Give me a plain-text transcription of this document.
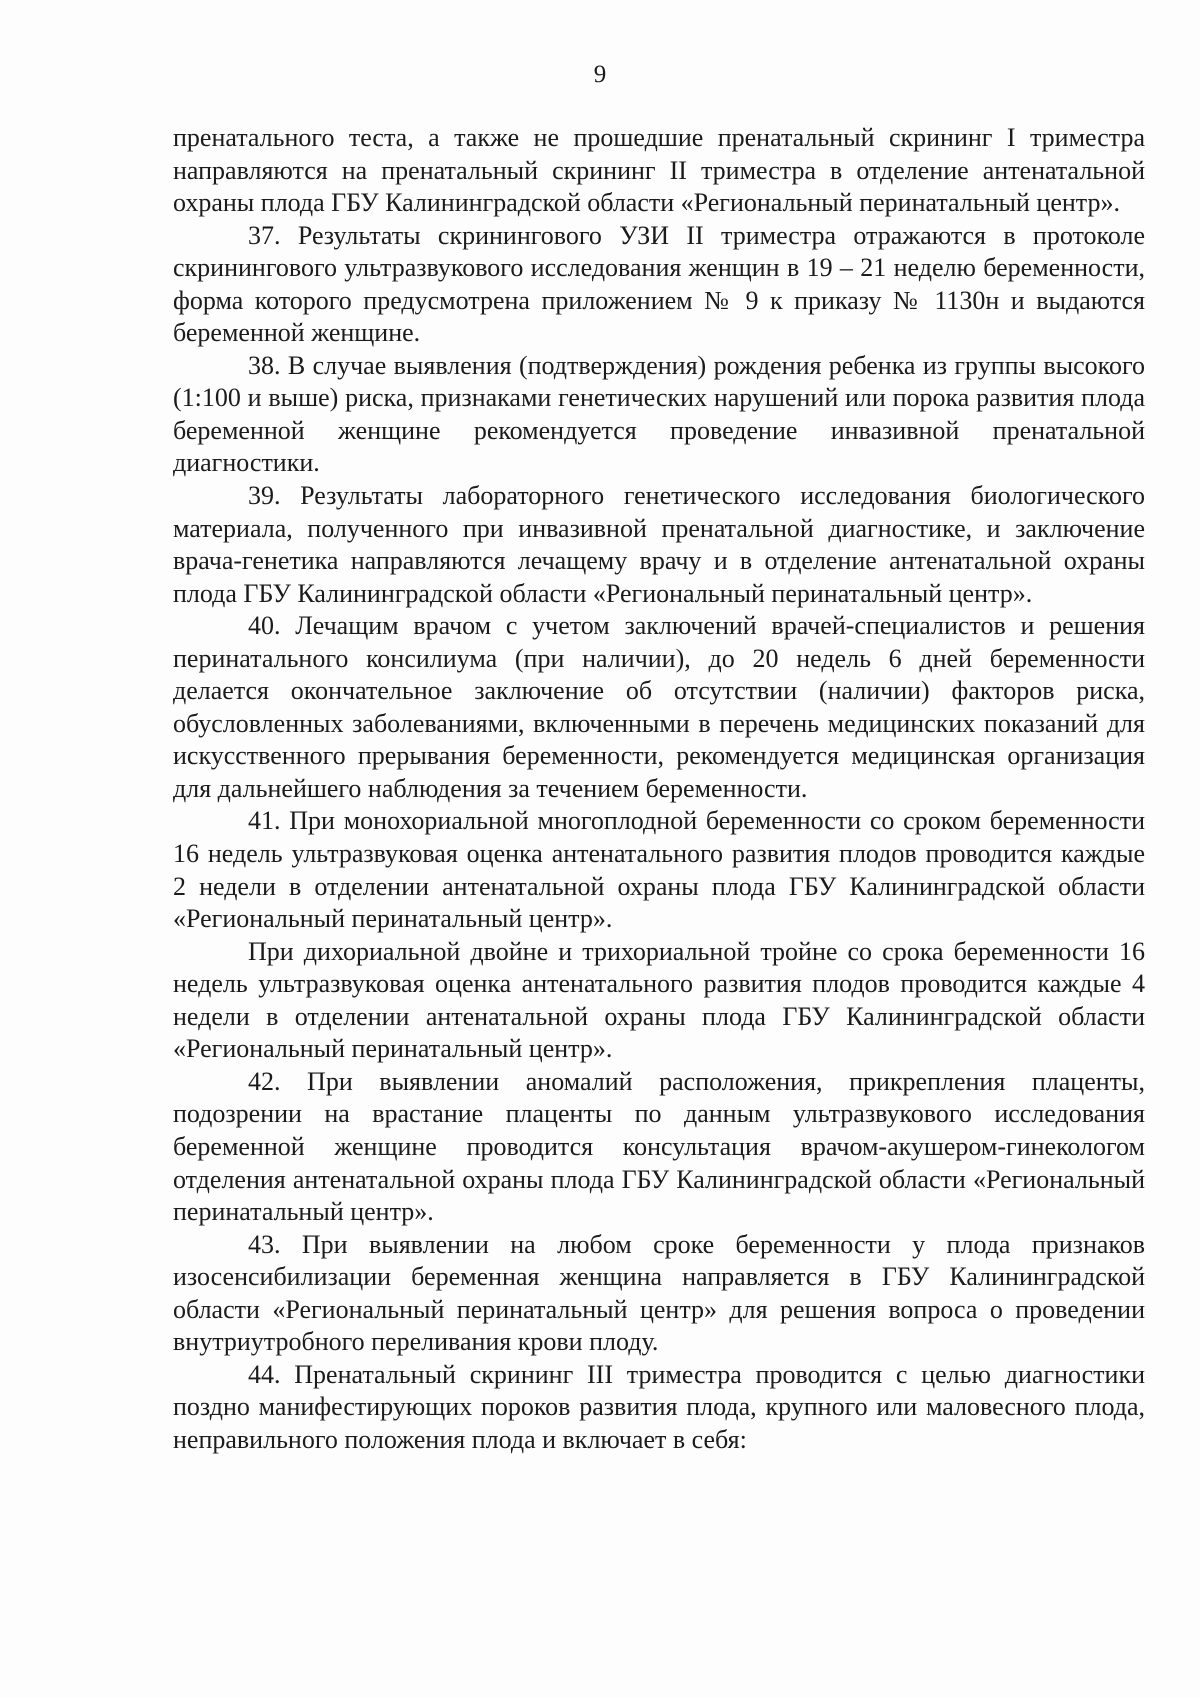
9

пренатального теста, а также не прошедшие пренатальный скрининг I триместра направляются на пренатальный скрининг II триместра в отделение антенатальной охраны плода ГБУ Калининградской области «Региональный перинатальный центр».

37. Результаты скринингового УЗИ II триместра отражаются в протоколе скринингового ультразвукового исследования женщин в 19 – 21 неделю беременности, форма которого предусмотрена приложением № 9 к приказу № 1130н и выдаются беременной женщине.

38. В случае выявления (подтверждения) рождения ребенка из группы высокого (1:100 и выше) риска, признаками генетических нарушений или порока развития плода беременной женщине рекомендуется проведение инвазивной пренатальной диагностики.

39. Результаты лабораторного генетического исследования биологического материала, полученного при инвазивной пренатальной диагностике, и заключение врача-генетика направляются лечащему врачу и в отделение антенатальной охраны плода ГБУ Калининградской области «Региональный перинатальный центр».

40. Лечащим врачом с учетом заключений врачей-специалистов и решения перинатального консилиума (при наличии), до 20 недель 6 дней беременности делается окончательное заключение об отсутствии (наличии) факторов риска, обусловленных заболеваниями, включенными в перечень медицинских показаний для искусственного прерывания беременности, рекомендуется медицинская организация для дальнейшего наблюдения за течением беременности.

41. При монохориальной многоплодной беременности со сроком беременности 16 недель ультразвуковая оценка антенатального развития плодов проводится каждые 2 недели в отделении антенатальной охраны плода ГБУ Калининградской области «Региональный перинатальный центр».

При дихориальной двойне и трихориальной тройне со срока беременности 16 недель ультразвуковая оценка антенатального развития плодов проводится каждые 4 недели в отделении антенатальной охраны плода ГБУ Калининградской области «Региональный перинатальный центр».

42. При выявлении аномалий расположения, прикрепления плаценты, подозрении на врастание плаценты по данным ультразвукового исследования беременной женщине проводится консультация врачом-акушером-гинекологом отделения антенатальной охраны плода ГБУ Калининградской области «Региональный перинатальный центр».

43. При выявлении на любом сроке беременности у плода признаков изосенсибилизации беременная женщина направляется в ГБУ Калининградской области «Региональный перинатальный центр» для решения вопроса о проведении внутриутробного переливания крови плоду.

44. Пренатальный скрининг III триместра проводится с целью диагностики поздно манифестирующих пороков развития плода, крупного или маловесного плода, неправильного положения плода и включает в себя:
